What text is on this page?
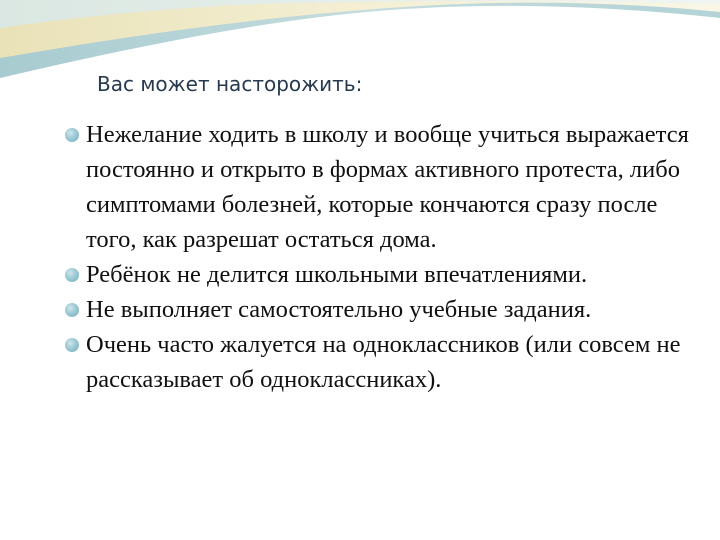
Вас может насторожить:
Нежелание ходить в школу и вообще учиться выражается постоянно и открыто в формах активного протеста, либо симптомами болезней, которые кончаются сразу после того, как разрешат остаться дома.
Ребёнок не делится школьными впечатлениями.
Не выполняет самостоятельно учебные задания.
Очень часто жалуется на одноклассников (или совсем не рассказывает об одноклассниках).
